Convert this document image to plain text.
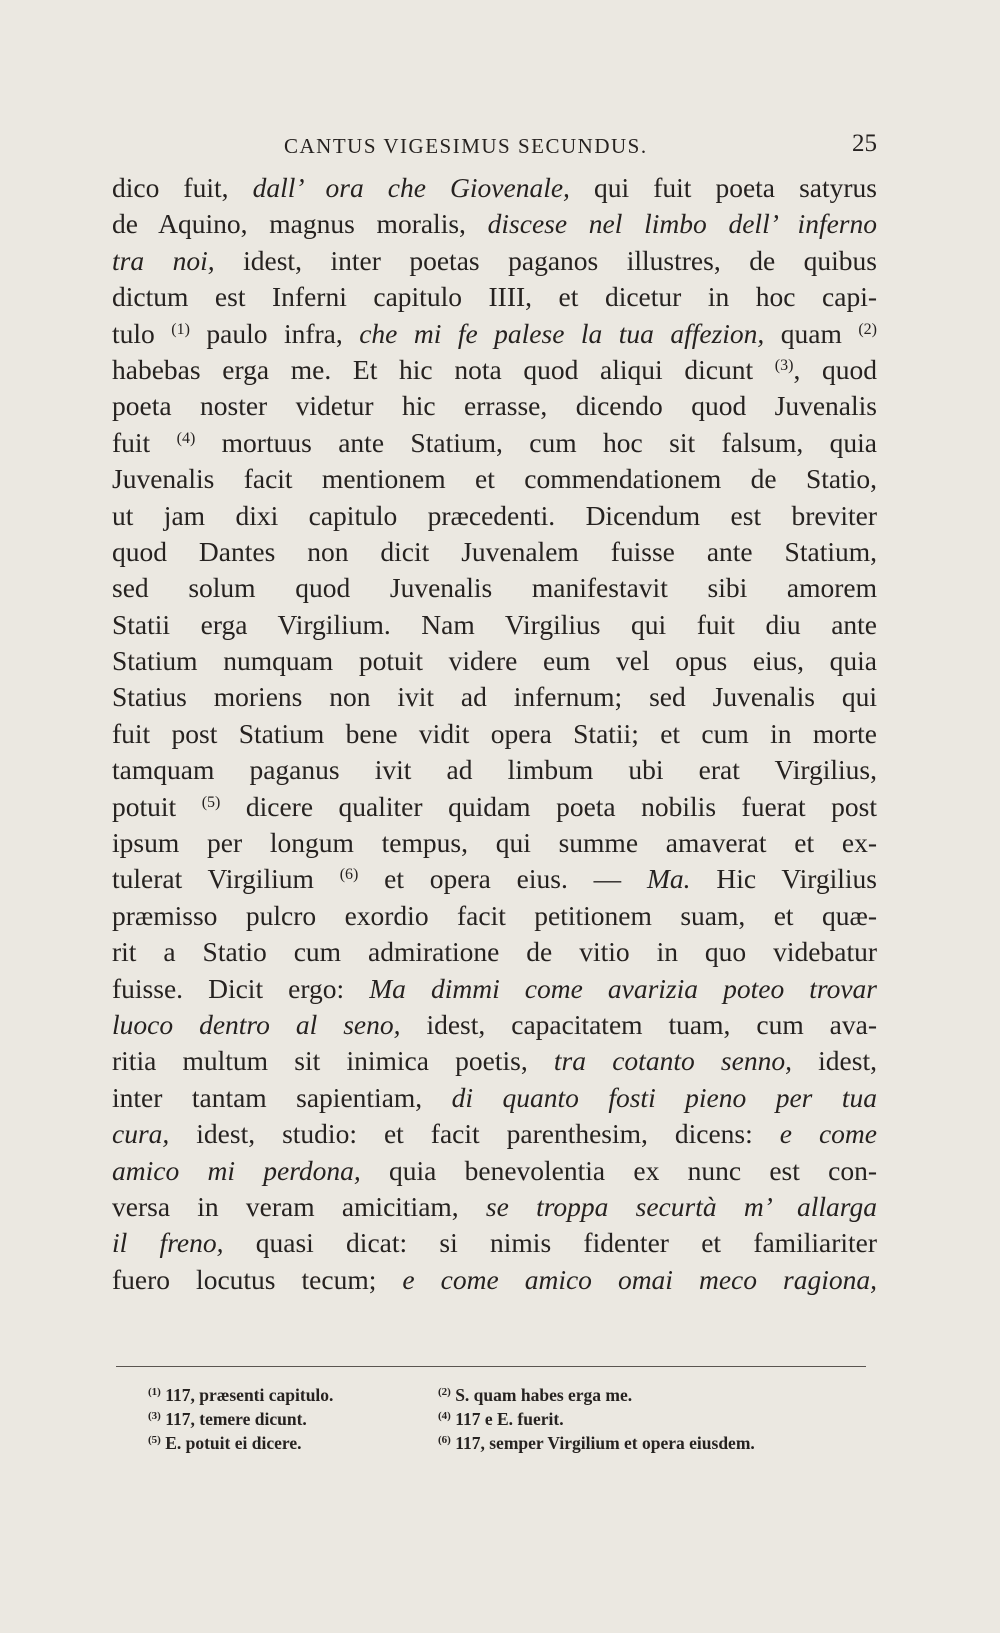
CANTUS VIGESIMUS SECUNDUS.	25
dico fuit, dall’ ora che Giovenale, qui fuit poeta satyrus
de Aquino, magnus moralis, discese nel limbo dell’ inferno
tra noi, idest, inter poetas paganos illustres, de quibus
dictum est Inferni capitulo IIII, et dicetur in hoc capi-
tulo $^{(1)}$ paulo infra, che mi fe palese la tua affezion, quam $^{(2)}$
habebas erga me. Et hic nota quod aliqui dicunt $^{(3)}$, quod
poeta noster videtur hic errasse, dicendo quod Juvenalis
fuit $^{(4)}$ mortuus ante Statium, cum hoc sit falsum, quia
Juvenalis facit mentionem et commendationem de Statio,
ut jam dixi capitulo præcedenti. Dicendum est breviter
quod Dantes non dicit Juvenalem fuisse ante Statium,
sed solum quod Juvenalis manifestavit sibi amorem
Statii erga Virgilium. Nam Virgilius qui fuit diu ante
Statium numquam potuit videre eum vel opus eius, quia
Statius moriens non ivit ad infernum; sed Juvenalis qui
fuit post Statium bene vidit opera Statii; et cum in morte
tamquam paganus ivit ad limbum ubi erat Virgilius,
potuit $^{(5)}$ dicere qualiter quidam poeta nobilis fuerat post
ipsum per longum tempus, qui summe amaverat et ex-
tulerat Virgilium $^{(6)}$ et opera eius. — Ma. Hic Virgilius
præmisso pulcro exordio facit petitionem suam, et quæ-
rit a Statio cum admiratione de vitio in quo videbatur
fuisse. Dicit ergo: Ma dimmi come avarizia poteo trovar
luoco dentro al seno, idest, capacitatem tuam, cum ava-
ritia multum sit inimica poetis, tra cotanto senno, idest,
inter tantam sapientiam, di quanto fosti pieno per tua
cura, idest, studio: et facit parenthesim, dicens: e come
amico mi perdona, quia benevolentia ex nunc est con-
versa in veram amicitiam, se troppa securtà m’ allarga
il freno, quasi dicat: si nimis fidenter et familiariter
fuero locutus tecum; e come amico omai meco ragiona,
$^{(1)}$ 117, præsenti capitulo.	$^{(2)}$ S. quam habes erga me.
$^{(3)}$ 117, temere dicunt.	$^{(4)}$ 117 e E. fuerit.
$^{(5)}$ E. potuit ei dicere.	$^{(6)}$ 117, semper Virgilium et opera eiusdem.
